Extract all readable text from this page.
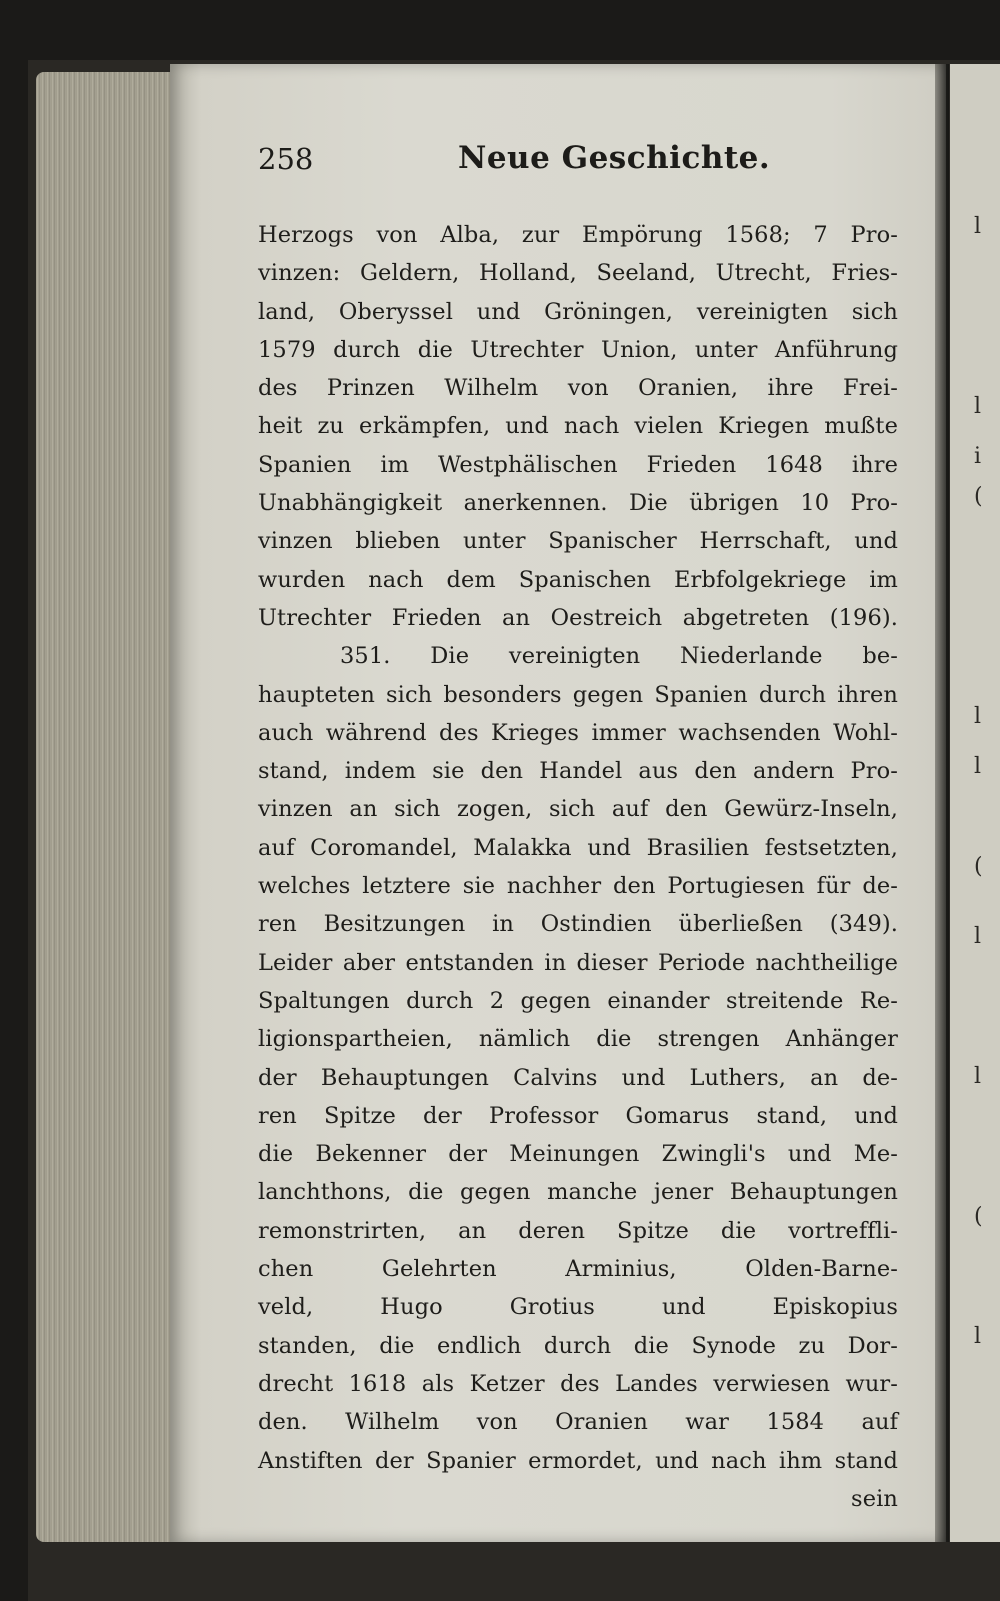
l
l
i
(
l
l
(
l
l
(
l
258	Neue Geschichte.
Herzogs von Alba, zur Empörung 1568; 7 Pro-
vinzen: Geldern, Holland, Seeland, Utrecht, Fries-
land, Oberyssel und Gröningen, vereinigten sich
1579 durch die Utrechter Union, unter Anführung
des Prinzen Wilhelm von Oranien, ihre Frei-
heit zu erkämpfen, und nach vielen Kriegen mußte
Spanien im Westphälischen Frieden 1648 ihre
Unabhängigkeit anerkennen. Die übrigen 10 Pro-
vinzen blieben unter Spanischer Herrschaft, und
wurden nach dem Spanischen Erbfolgekriege im
Utrechter Frieden an Oestreich abgetreten (196).
351. Die vereinigten Niederlande be-
haupteten sich besonders gegen Spanien durch ihren
auch während des Krieges immer wachsenden Wohl-
stand, indem sie den Handel aus den andern Pro-
vinzen an sich zogen, sich auf den Gewürz-Inseln,
auf Coromandel, Malakka und Brasilien festsetzten,
welches letztere sie nachher den Portugiesen für de-
ren Besitzungen in Ostindien überließen (349).
Leider aber entstanden in dieser Periode nachtheilige
Spaltungen durch 2 gegen einander streitende Re-
ligionspartheien, nämlich die strengen Anhänger
der Behauptungen Calvins und Luthers, an de-
ren Spitze der Professor Gomarus stand, und
die Bekenner der Meinungen Zwingli's und Me-
lanchthons, die gegen manche jener Behauptungen
remonstrirten, an deren Spitze die vortreffli-
chen Gelehrten Arminius, Olden-Barne-
veld, Hugo Grotius und Episkopius
standen, die endlich durch die Synode zu Dor-
drecht 1618 als Ketzer des Landes verwiesen wur-
den. Wilhelm von Oranien war 1584 auf
Anstiften der Spanier ermordet, und nach ihm stand
sein
